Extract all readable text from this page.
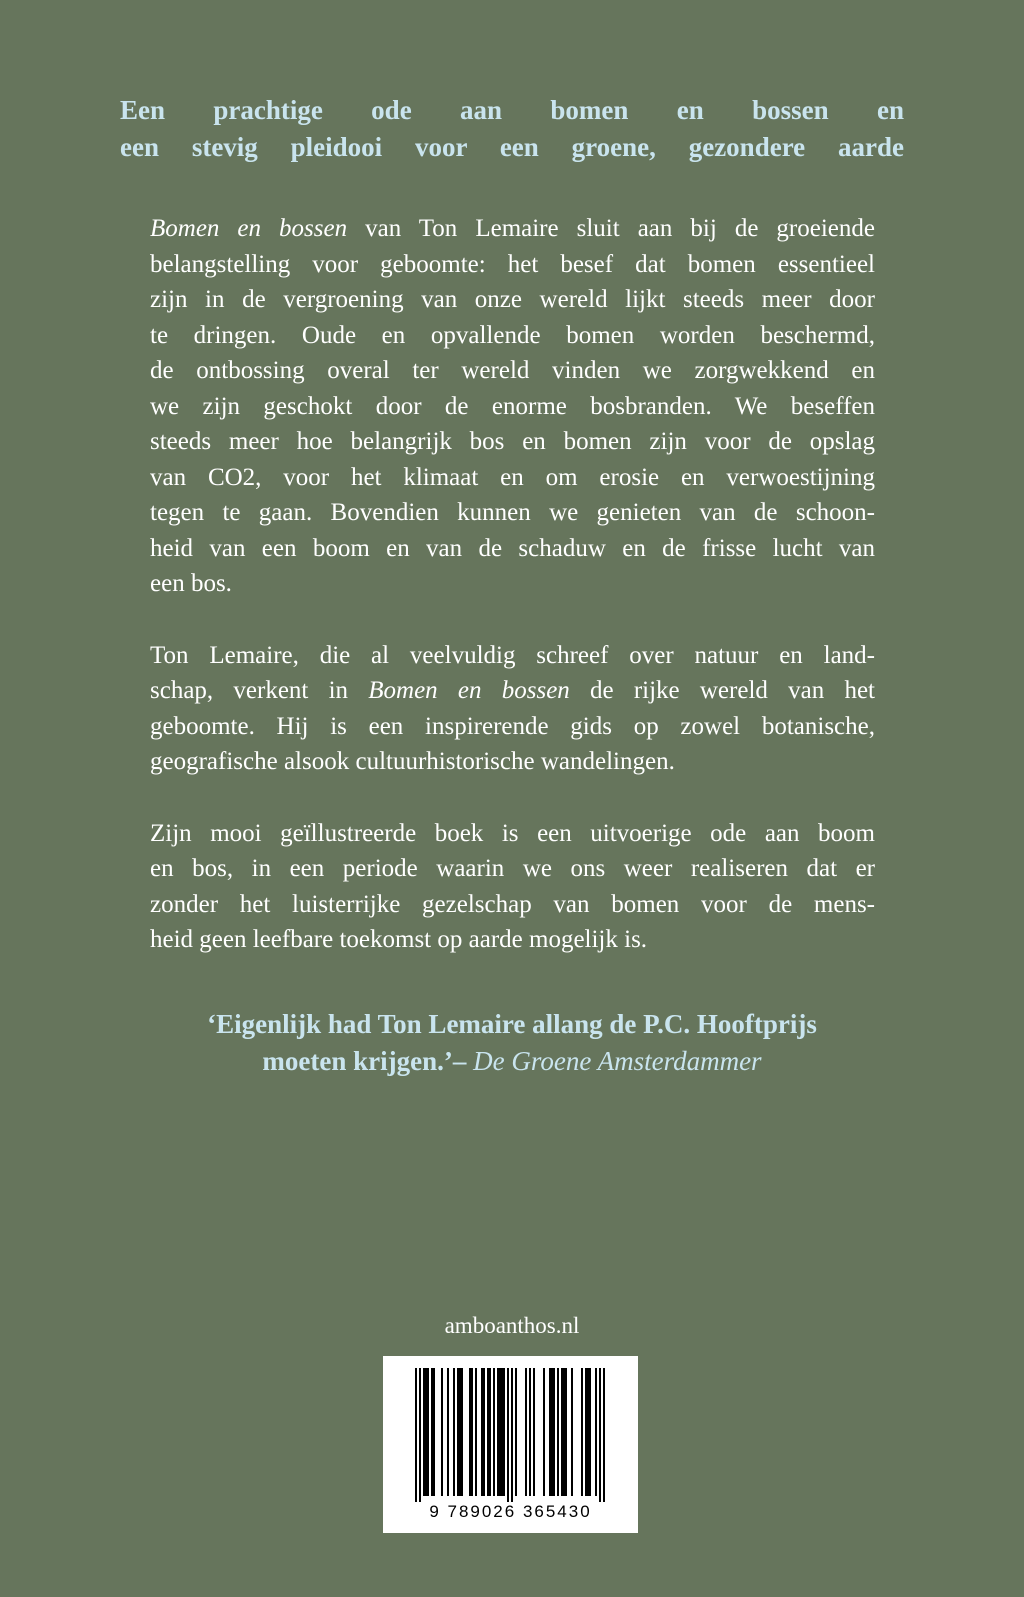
Een prachtige ode aan bomen en bossen en
een stevig pleidooi voor een groene, gezondere aarde
Bomen en bossen van Ton Lemaire sluit aan bij de groeiende
belangstelling voor geboomte: het besef dat bomen essentieel
zijn in de vergroening van onze wereld lijkt steeds meer door
te dringen. Oude en opvallende bomen worden beschermd,
de ontbossing overal ter wereld vinden we zorgwekkend en
we zijn geschokt door de enorme bosbranden. We beseffen
steeds meer hoe belangrijk bos en bomen zijn voor de opslag
van CO2, voor het klimaat en om erosie en verwoestijning
tegen te gaan. Bovendien kunnen we genieten van de schoon-
heid van een boom en van de schaduw en de frisse lucht van
een bos.
Ton Lemaire, die al veelvuldig schreef over natuur en land-
schap, verkent in Bomen en bossen de rijke wereld van het
geboomte. Hij is een inspirerende gids op zowel botanische,
geografische alsook cultuurhistorische wandelingen.
Zijn mooi geïllustreerde boek is een uitvoerige ode aan boom
en bos, in een periode waarin we ons weer realiseren dat er
zonder het luisterrijke gezelschap van bomen voor de mens-
heid geen leefbare toekomst op aarde mogelijk is.
‘Eigenlijk had Ton Lemaire allang de P.C. Hooftprijs
moeten krijgen.’– De Groene Amsterdammer
amboanthos.nl
9 789026 365430
